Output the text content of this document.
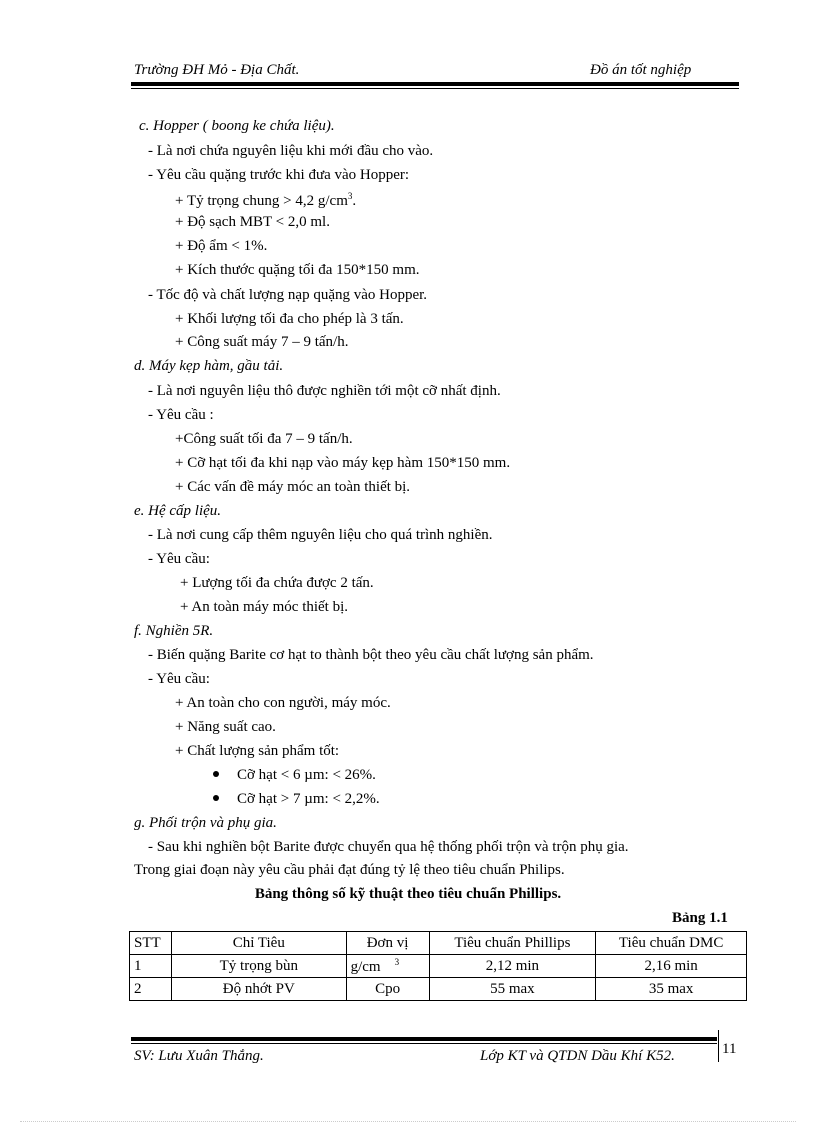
Trường ĐH Mỏ - Địa Chất.	Đồ án tốt nghiệp
c. Hopper ( boong ke chứa liệu).
- Là nơi chứa nguyên liệu khi mới đầu cho vào.
- Yêu cầu quặng trước khi đưa vào Hopper:
+ Tỷ trọng chung > 4,2 $g/cm^3$.
+ Độ sạch MBT < 2,0 ml.
+ Độ ẩm < 1%.
+ Kích thước quặng tối đa 150*150 mm.
- Tốc độ và chất lượng nạp quặng vào Hopper.
+ Khối lượng tối đa cho phép là 3 tấn.
+ Công suất máy 7 – 9 tấn/h.
d. Máy kẹp hàm, gầu tải.
- Là nơi nguyên liệu thô được nghiền tới một cỡ nhất định.
- Yêu cầu :
+Công suất tối đa 7 – 9 tấn/h.
+ Cỡ hạt tối đa khi nạp vào máy kẹp hàm 150*150 mm.
+ Các vấn đề máy móc an toàn thiết bị.
e. Hệ cấp liệu.
- Là nơi cung cấp thêm nguyên liệu cho quá trình nghiền.
- Yêu cầu:
+ Lượng tối đa chứa được 2 tấn.
+ An toàn máy móc thiết bị.
f. Nghiền 5R.
- Biến quặng Barite cơ hạt to thành bột theo yêu cầu chất lượng sản phẩm.
- Yêu cầu:
+ An toàn cho con người, máy móc.
+ Năng suất cao.
+ Chất lượng sản phẩm tốt:
Cỡ hạt < 6 µm: < 26%.
Cỡ hạt > 7 µm: < 2,2%.
g. Phối trộn và phụ gia.
- Sau khi nghiền bột Barite được chuyển qua hệ thống phối trộn và trộn phụ gia.
Trong giai đoạn này yêu cầu phải đạt đúng tỷ lệ theo tiêu chuẩn Philips.
Bảng thông số kỹ thuật theo tiêu chuẩn Phillips.
Bảng 1.1
STT	Chỉ Tiêu	Đơn vị	Tiêu chuẩn Phillips	Tiêu chuẩn DMC
1	Tỷ trọng bùn	g/cm $^3$	2,12 min	2,16 min
2	Độ nhớt PV	Cpo	55 max	35 max
SV: Lưu Xuân Thắng.	Lớp KT và QTDN Dầu Khí K52.	11
